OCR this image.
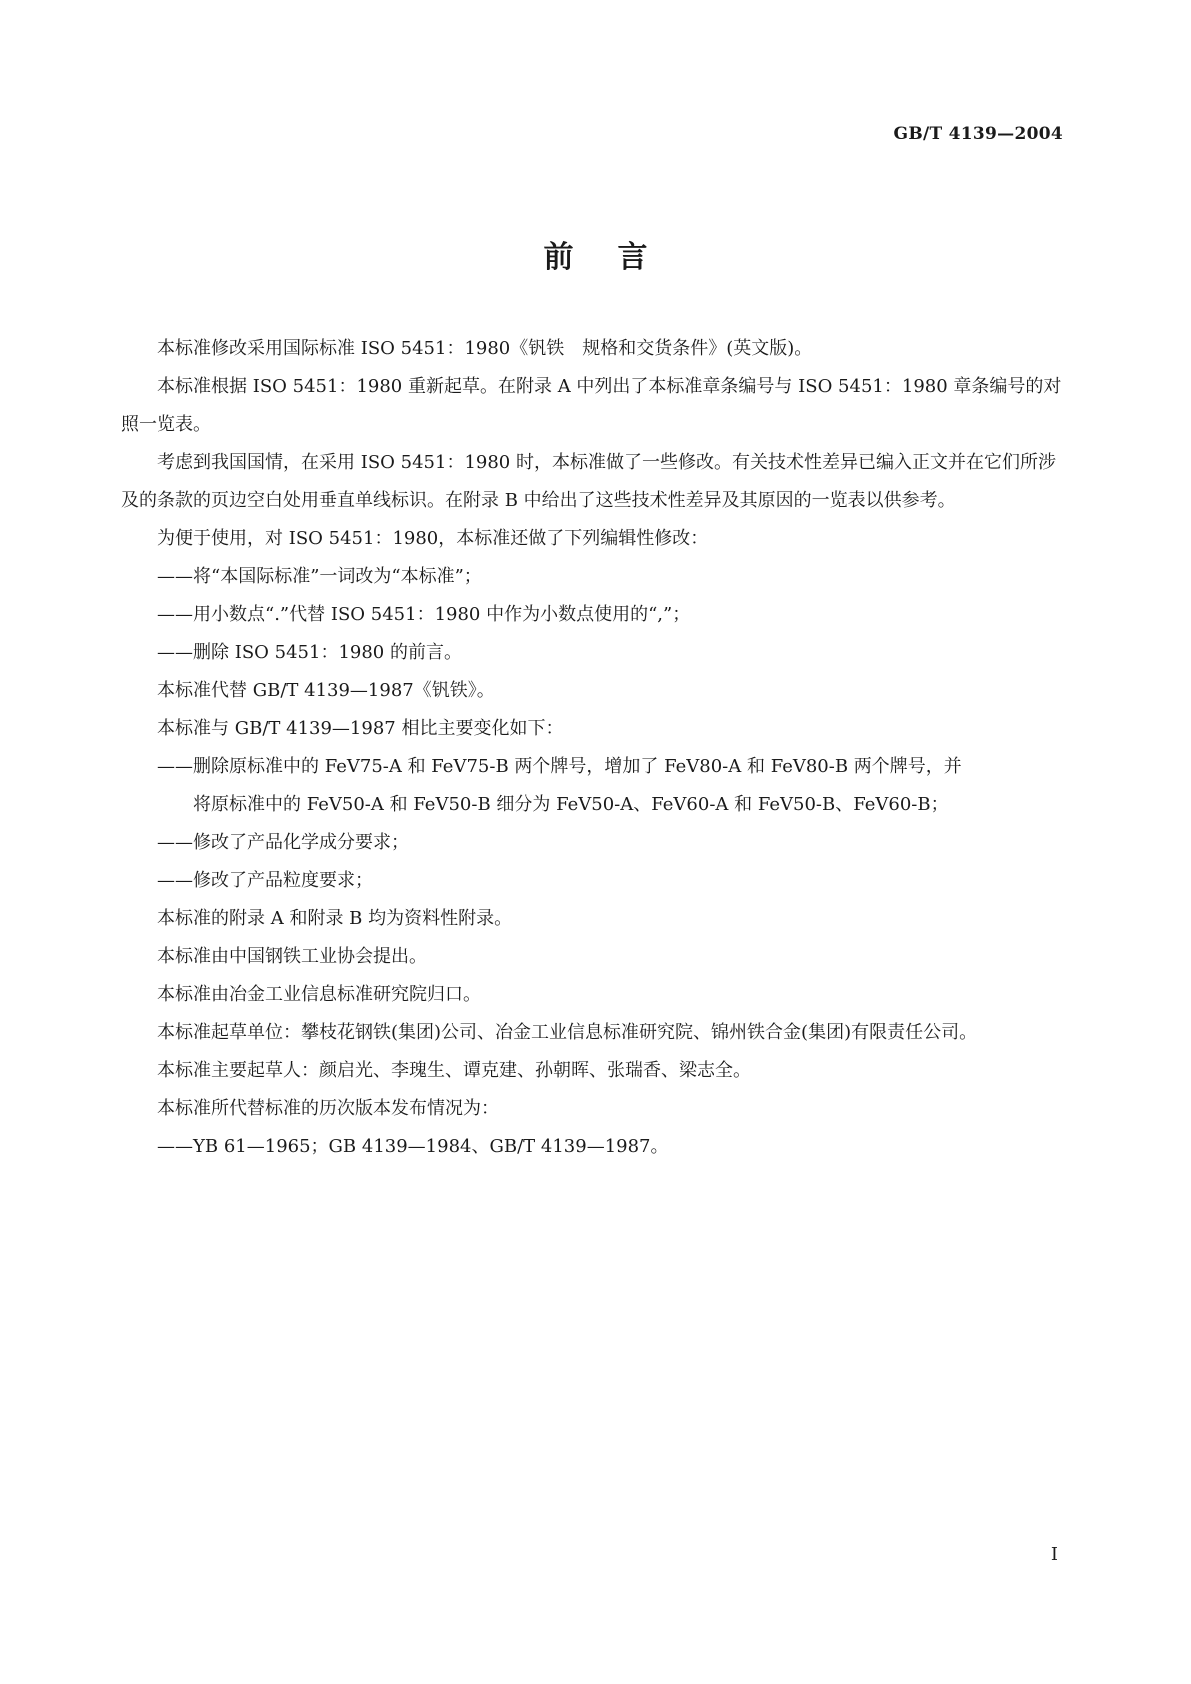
GB/T 4139—2004
前言

本标准修改采用国际标准 ISO 5451：1980《钒铁　规格和交货条件》(英文版)。

本标准根据 ISO 5451：1980 重新起草。在附录 A 中列出了本标准章条编号与 ISO 5451：1980 章条编号的对照一览表。

考虑到我国国情，在采用 ISO 5451：1980 时，本标准做了一些修改。有关技术性差异已编入正文并在它们所涉及的条款的页边空白处用垂直单线标识。在附录 B 中给出了这些技术性差异及其原因的一览表以供参考。

为便于使用，对 ISO 5451：1980，本标准还做了下列编辑性修改：

——将“本国际标准”一词改为“本标准”；

——用小数点“.”代替 ISO 5451：1980 中作为小数点使用的“,”；

——删除 ISO 5451：1980 的前言。

本标准代替 GB/T 4139—1987《钒铁》。

本标准与 GB/T 4139—1987 相比主要变化如下：

——删除原标准中的 FeV75-A 和 FeV75-B 两个牌号，增加了 FeV80-A 和 FeV80-B 两个牌号，并

将原标准中的 FeV50-A 和 FeV50-B 细分为 FeV50-A、FeV60-A 和 FeV50-B、FeV60-B；

——修改了产品化学成分要求；

——修改了产品粒度要求；

本标准的附录 A 和附录 B 均为资料性附录。

本标准由中国钢铁工业协会提出。

本标准由冶金工业信息标准研究院归口。

本标准起草单位：攀枝花钢铁(集团)公司、冶金工业信息标准研究院、锦州铁合金(集团)有限责任公司。

本标准主要起草人：颜启光、李瑰生、谭克建、孙朝晖、张瑞香、梁志全。

本标准所代替标准的历次版本发布情况为：

——YB 61—1965；GB 4139—1984、GB/T 4139—1987。

I
